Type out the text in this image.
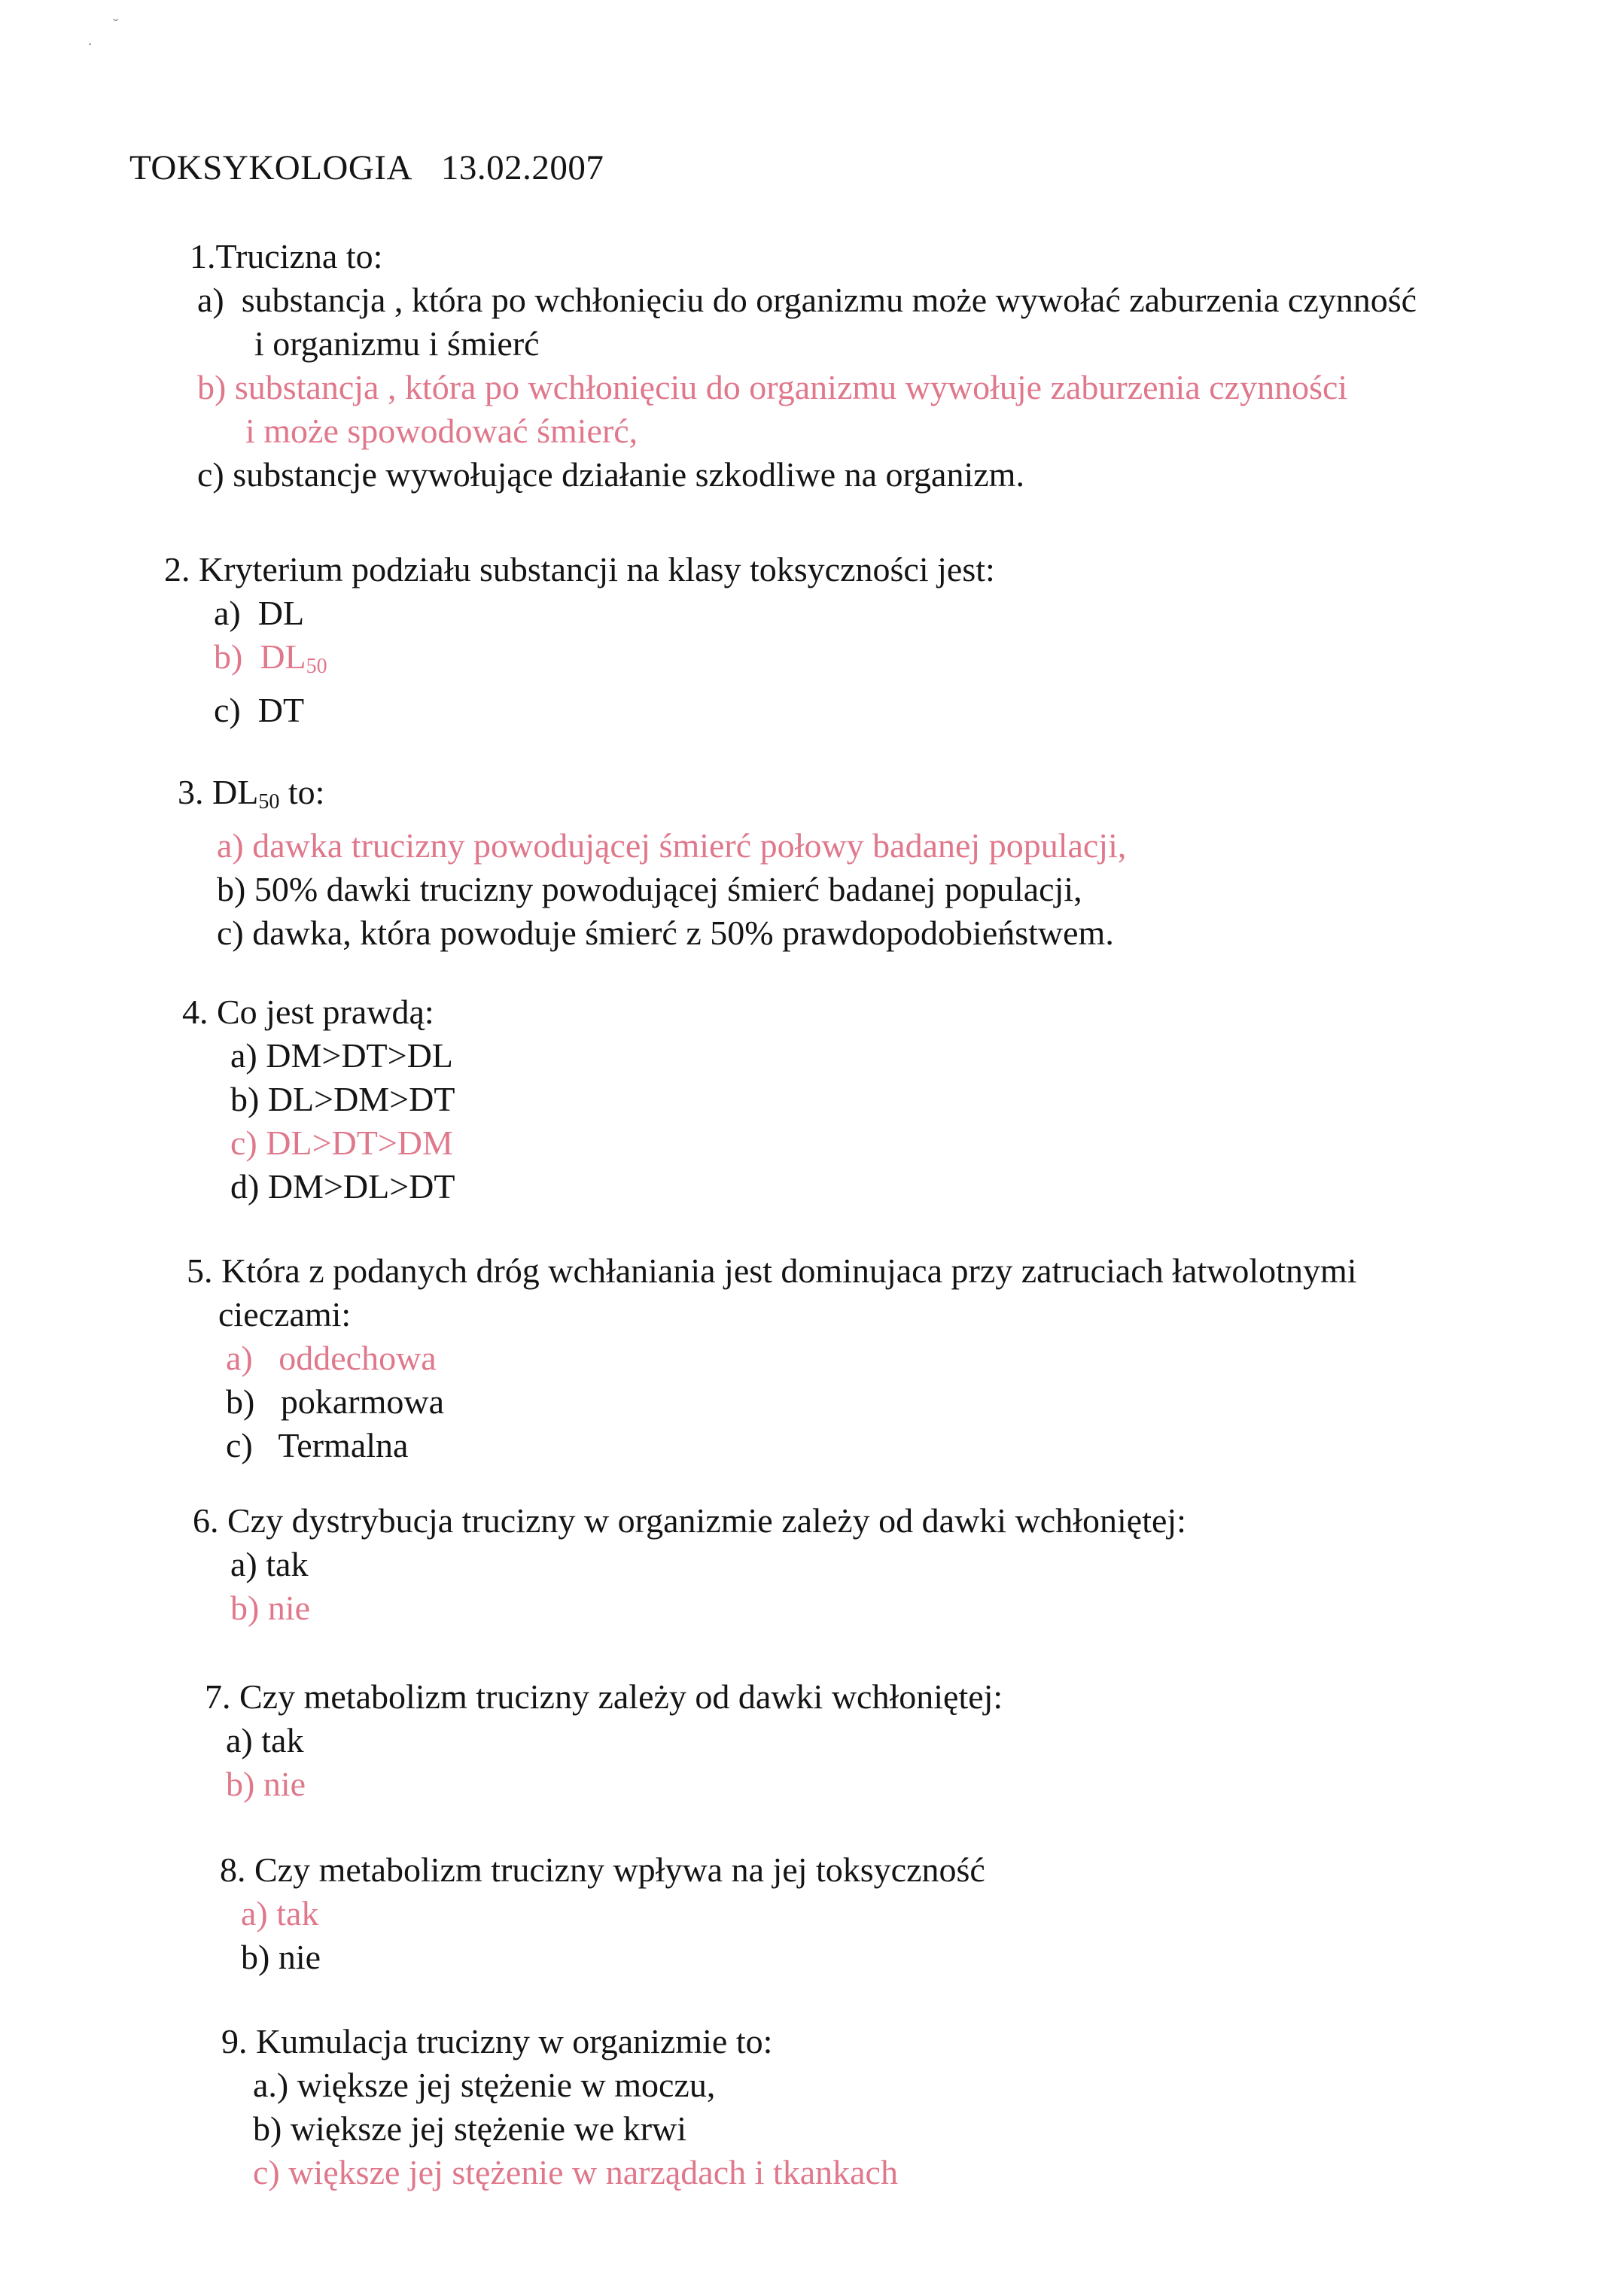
ˇ
·
TOKSYKOLOGIA 13.02.2007
1.Trucizna to:
a) substancja , która po wchłonięciu do organizmu może wywołać zaburzenia czynność
i organizmu i śmierć
b) substancja , która po wchłonięciu do organizmu wywołuje zaburzenia czynności
i może spowodować śmierć,
c) substancje wywołujące działanie szkodliwe na organizm.
2. Kryterium podziału substancji na klasy toksyczności jest:
a) DL
b) $DL_{50}$
c) DT
3. $DL_{50}$ to:
a) dawka trucizny powodującej śmierć połowy badanej populacji,
b) 50% dawki trucizny powodującej śmierć badanej populacji,
c) dawka, która powoduje śmierć z 50% prawdopodobieństwem.
4. Co jest prawdą:
a) DM>DT>DL
b) DL>DM>DT
c) DL>DT>DM
d) DM>DL>DT
5. Która z podanych dróg wchłaniania jest dominujaca przy zatruciach łatwolotnymi
cieczami:
a) oddechowa
b) pokarmowa
c) Termalna
6. Czy dystrybucja trucizny w organizmie zależy od dawki wchłoniętej:
a) tak
b) nie
7. Czy metabolizm trucizny zależy od dawki wchłoniętej:
a) tak
b) nie
8. Czy metabolizm trucizny wpływa na jej toksyczność
a) tak
b) nie
9. Kumulacja trucizny w organizmie to:
a.) większe jej stężenie w moczu,
b) większe jej stężenie we krwi
c) większe jej stężenie w narządach i tkankach
